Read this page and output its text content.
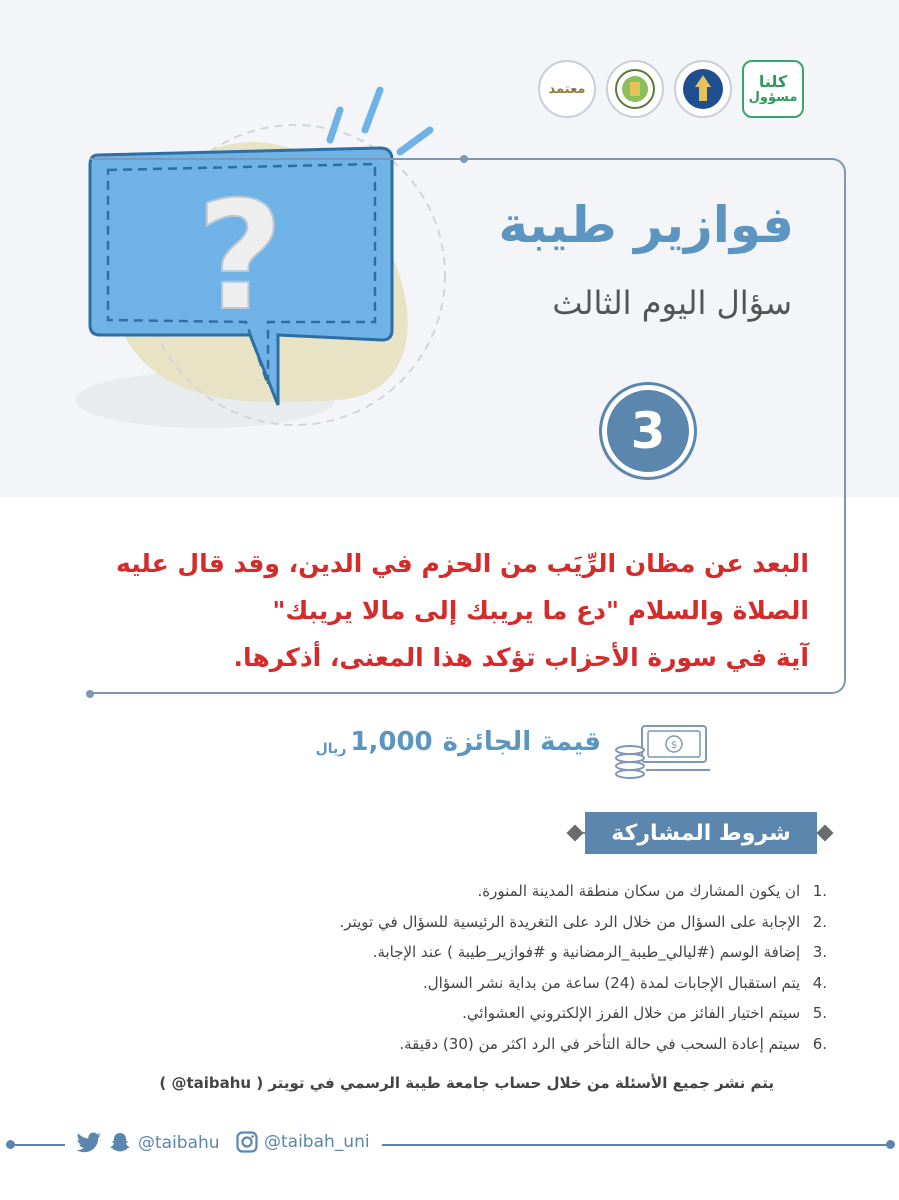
معتمد	كلنا
مسؤول
?	فوازير طيبة
سؤال اليوم الثالث
3
البعد عن مظان الرِّيَب من الحزم في الدين، وقد قال عليه
الصلاة والسلام "دع ما يريبك إلى مالا يريبك"
آية في سورة الأحزاب تؤكد هذا المعنى، أذكرها.
$
قيمة الجائزة
1,000
ريال
شروط المشاركة
1. ان يكون المشارك من سكان منطقة المدينة المنورة.
2. الإجابة على السؤال من خلال الرد على التغريدة الرئيسية للسؤال في تويتر.
3. إضافة الوسم (#ليالي_طيبة_الرمضانية و #فوازير_طيبة ) عند الإجابة.
4. يتم استقبال الإجابات لمدة (24) ساعة من بداية نشر السؤال.
5. سيتم اختيار الفائز من خلال الفرز الإلكتروني العشوائي.
6. سيتم إعادة السحب في حالة التأخر في الرد اكثر من (30) دقيقة.
يتم نشر جميع الأسئلة من خلال حساب جامعة طيبة الرسمي في تويتر ( taibahu@ )
@taibahu	@taibah_uni
